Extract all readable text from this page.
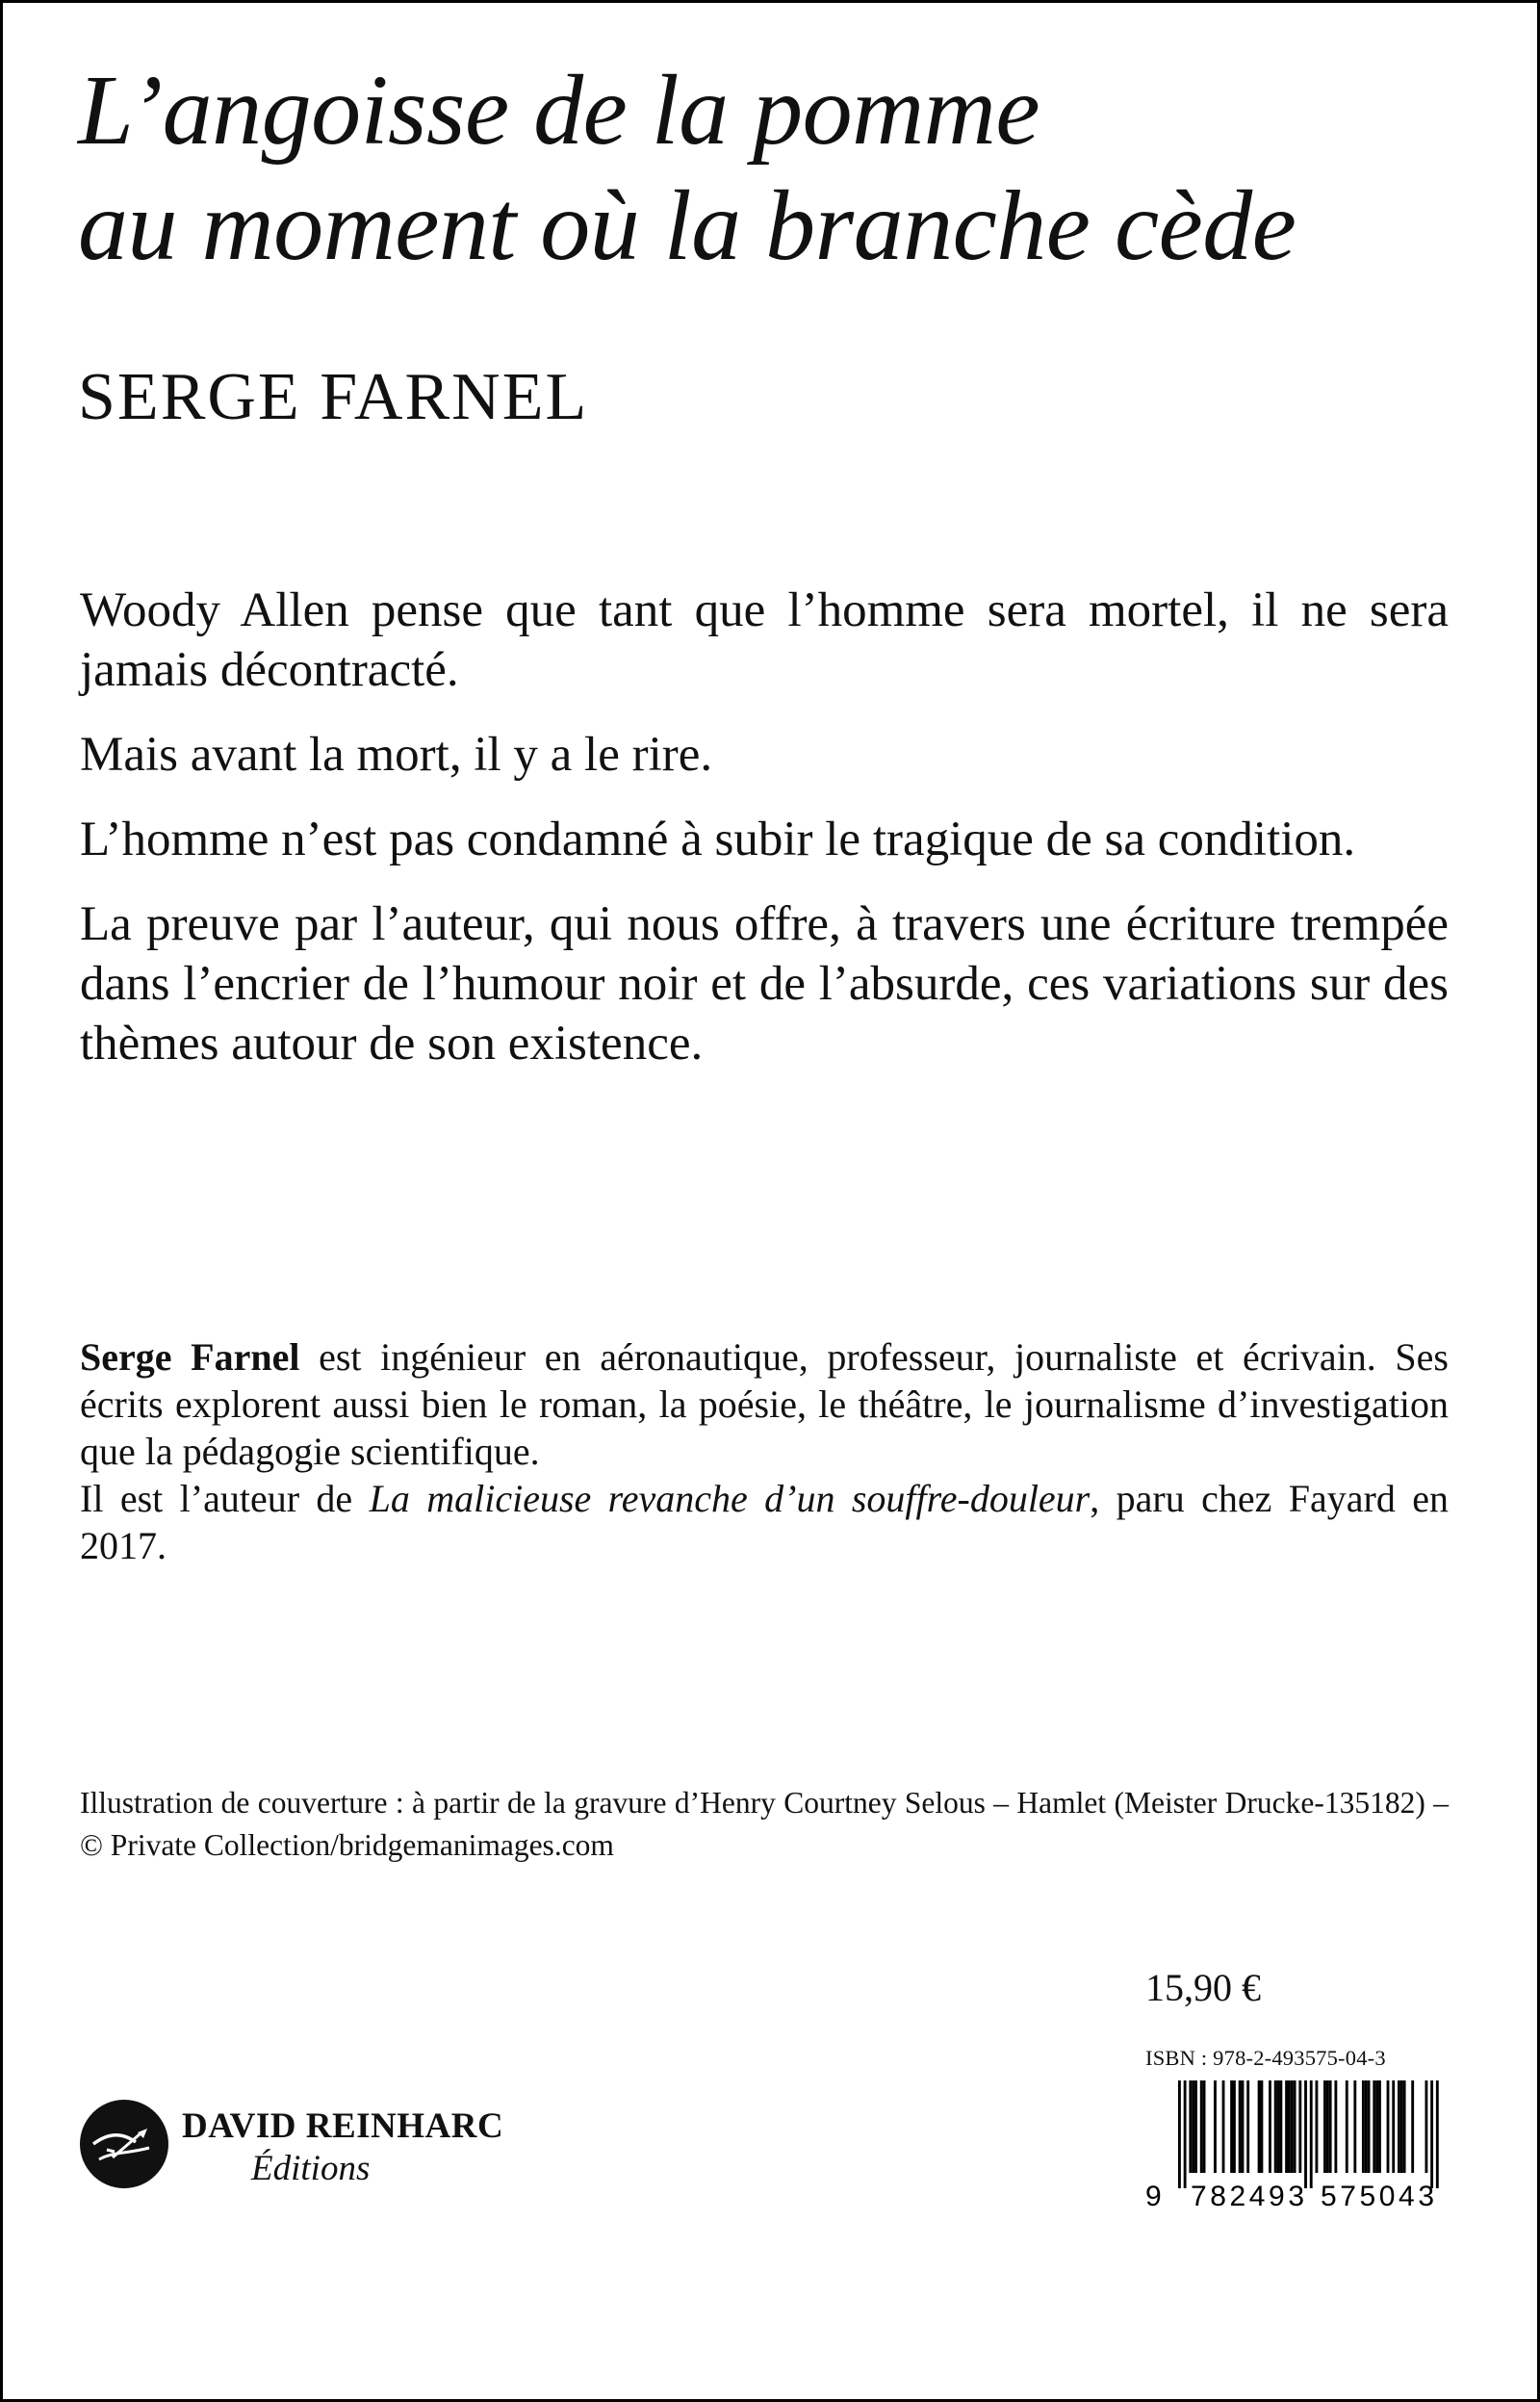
L’angoisse de la pomme
au moment où la branche cède
SERGE FARNEL

Woody Allen pense que tant que l’homme sera mortel, il ne sera jamais décontracté.

Mais avant la mort, il y a le rire.

L’homme n’est pas condamné à subir le tragique de sa condition.

La preuve par l’auteur, qui nous offre, à travers une écriture trempée dans l’encrier de l’humour noir et de l’absurde, ces variations sur des thèmes autour de son existence.

Serge Farnel est ingénieur en aéronautique, professeur, journaliste et écrivain. Ses écrits explorent aussi bien le roman, la poésie, le théâtre, le journalisme d’investigation que la pédagogie scientifique.

Il est l’auteur de La malicieuse revanche d’un souffre-douleur, paru chez Fayard en 2017.

Illustration de couverture : à partir de la gravure d’Henry Courtney Selous – Hamlet (Meister Drucke-135182) – © Private Collection/bridgemanimages.com

DAVID REINHARC
Éditions
15,90 €
ISBN : 978-2-493575-04-3
9 782493 575043
